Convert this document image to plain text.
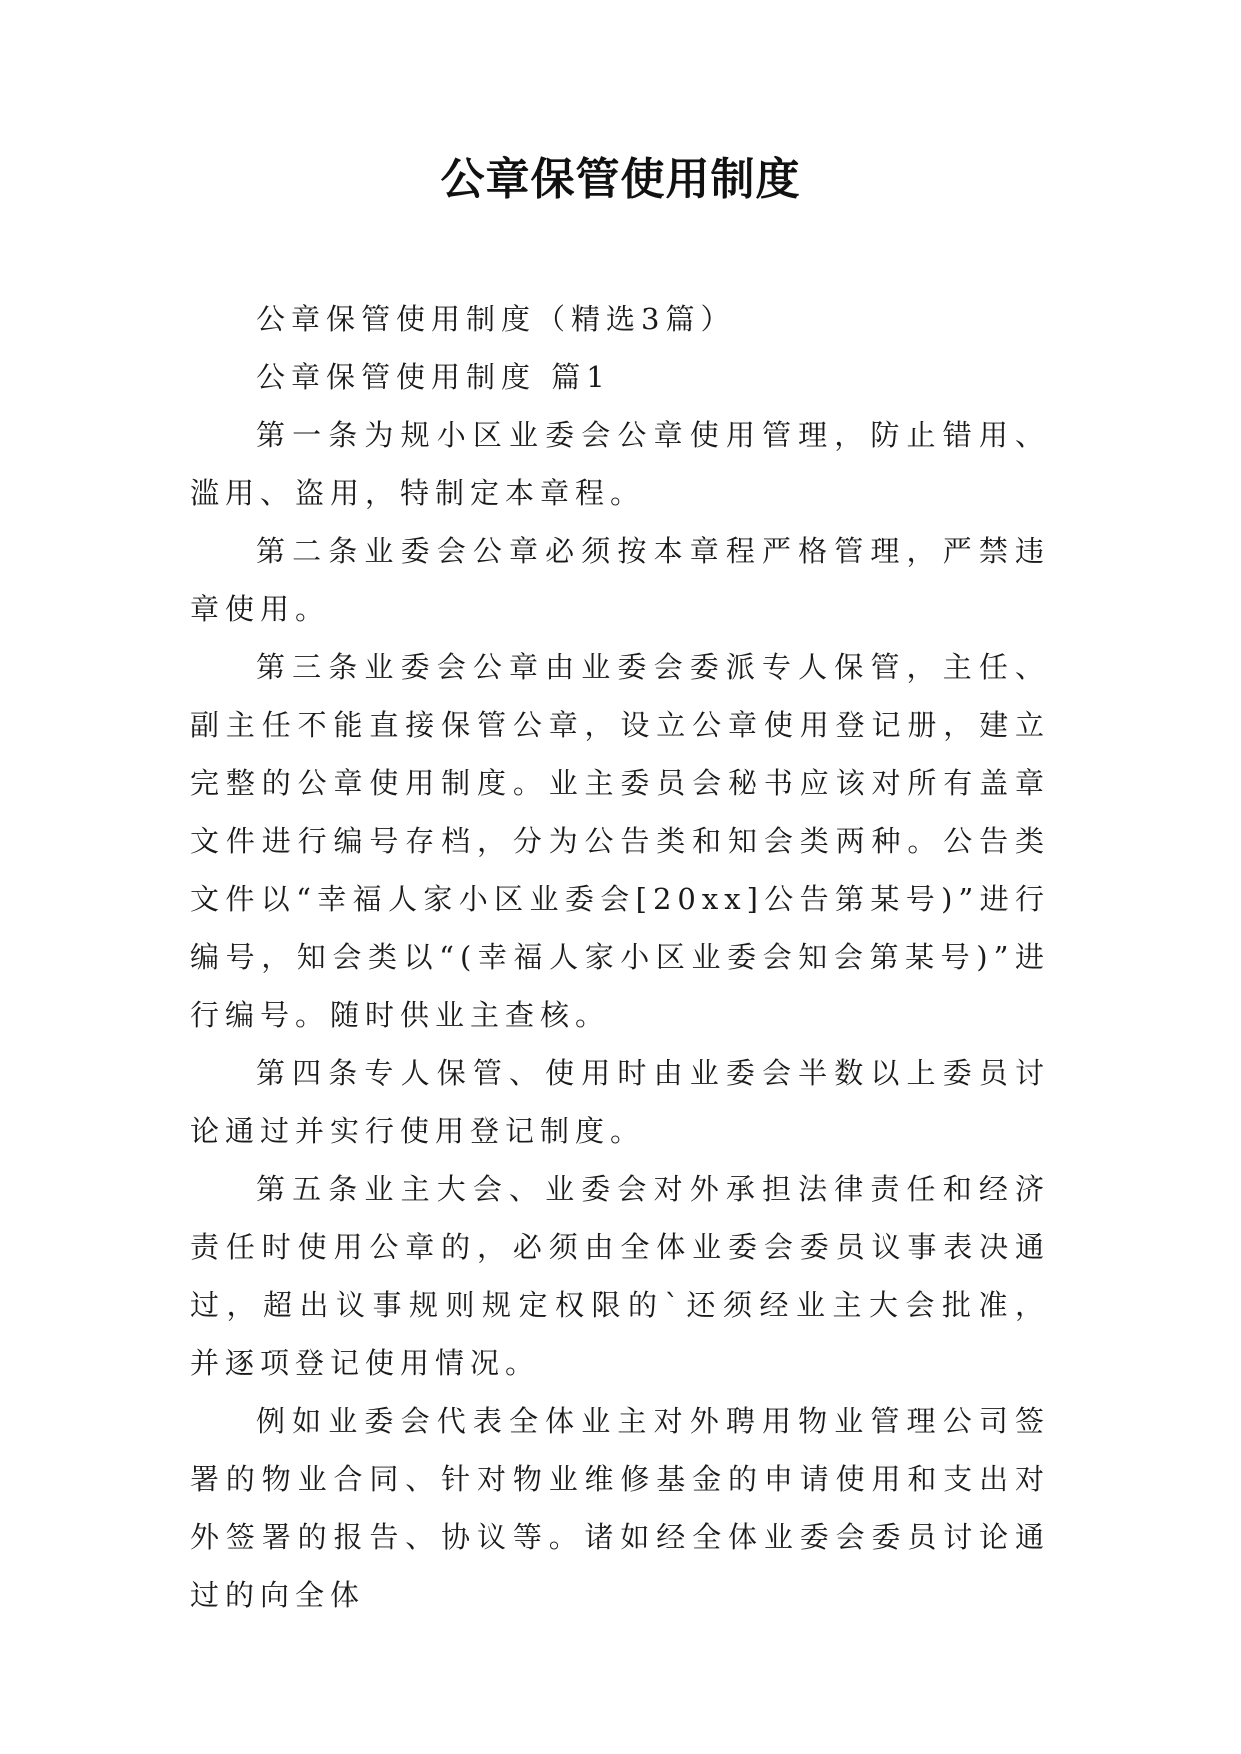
公章保管使用制度

公章保管使用制度（精选3篇）

公章保管使用制度 篇1

第一条为规小区业委会公章使用管理，防止错用、滥用、盗用，特制定本章程。

第二条业委会公章必须按本章程严格管理，严禁违章使用。

第三条业委会公章由业委会委派专人保管，主任、副主任不能直接保管公章，设立公章使用登记册，建立完整的公章使用制度。业主委员会秘书应该对所有盖章文件进行编号存档，分为公告类和知会类两种。公告类文件以“幸福人家小区业委会[20xx]公告第某号)”进行编号，知会类以“(幸福人家小区业委会知会第某号)”进行编号。随时供业主查核。

第四条专人保管、使用时由业委会半数以上委员讨论通过并实行使用登记制度。

第五条业主大会、业委会对外承担法律责任和经济责任时使用公章的，必须由全体业委会委员议事表决通过，超出议事规则规定权限的`还须经业主大会批准，并逐项登记使用情况。

例如业委会代表全体业主对外聘用物业管理公司签署的物业合同、针对物业维修基金的申请使用和支出对外签署的报告、协议等。诸如经全体业委会委员讨论通过的向全体
